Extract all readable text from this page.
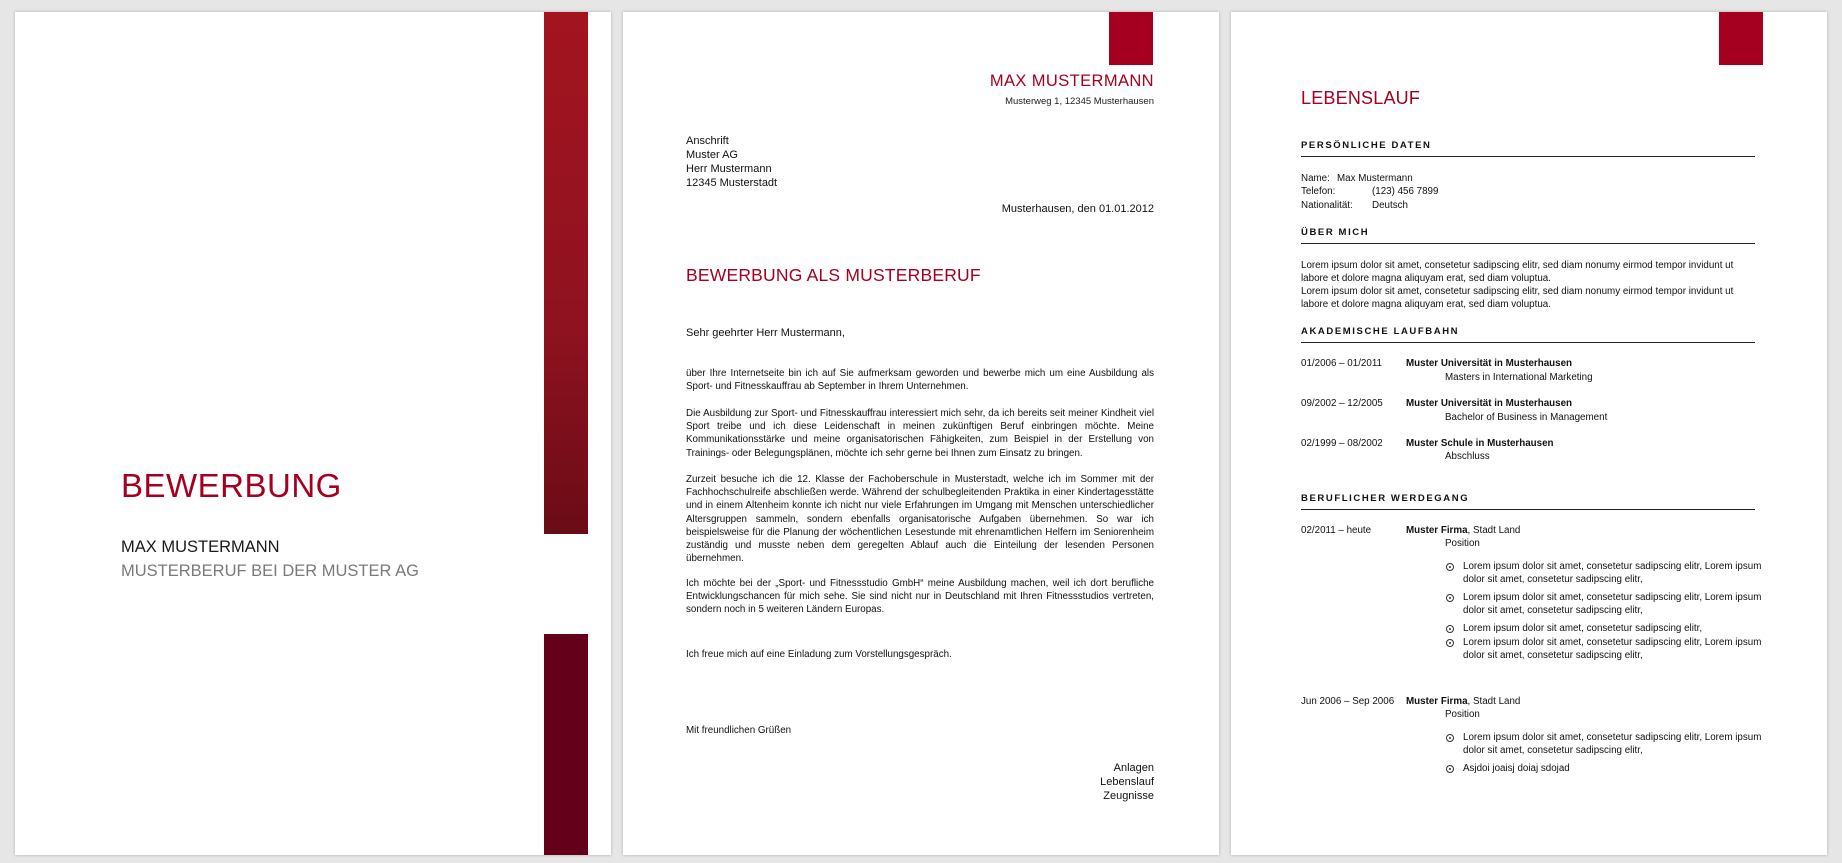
BEWERBUNG
MAX MUSTERMANN
MUSTERBERUF BEI DER MUSTER AG
MAX MUSTERMANN
Musterweg 1, 12345 Musterhausen
Anschrift
Muster AG
Herr Mustermann
12345 Musterstadt
Musterhausen, den 01.01.2012
BEWERBUNG ALS MUSTERBERUF
Sehr geehrter Herr Mustermann,

über Ihre Internetseite bin ich auf Sie aufmerksam geworden und bewerbe mich um eine Ausbildung als Sport- und Fitnesskauffrau ab September in Ihrem Unternehmen.

Die Ausbildung zur Sport- und Fitnesskauffrau interessiert mich sehr, da ich bereits seit meiner Kindheit viel Sport treibe und ich diese Leidenschaft in meinen zukünftigen Beruf einbringen möchte. Meine Kommunikationsstärke und meine organisatorischen Fähigkeiten, zum Beispiel in der Erstellung von Trainings- oder Belegungsplänen, möchte ich sehr gerne bei Ihnen zum Einsatz zu bringen.

Zurzeit besuche ich die 12. Klasse der Fachoberschule in Musterstadt, welche ich im Sommer mit der Fachhochschulreife abschließen werde. Während der schulbegleitenden Praktika in einer Kindertagesstätte und in einem Altenheim konnte ich nicht nur viele Erfahrungen im Umgang mit Menschen unterschiedlicher Altersgruppen sammeln, sondern ebenfalls organisatorische Aufgaben übernehmen. So war ich beispielsweise für die Planung der wöchentlichen Lesestunde mit ehrenamtlichen Helfern im Seniorenheim zuständig und musste neben dem geregelten Ablauf auch die Einteilung der lesenden Personen übernehmen.

Ich möchte bei der „Sport- und Fitnessstudio GmbH“ meine Ausbildung machen, weil ich dort berufliche Entwicklungschancen für mich sehe. Sie sind nicht nur in Deutschland mit Ihren Fitnessstudios vertreten, sondern noch in 5 weiteren Ländern Europas.

Ich freue mich auf eine Einladung zum Vorstellungsgespräch.

Mit freundlichen Grüßen

Anlagen
Lebenslauf
Zeugnisse
LEBENSLAUF
PERSÖNLICHE DATEN
Name: Max Mustermann
Telefon:	(123) 456 7899
Nationalität: Deutsch
ÜBER MICH

Lorem ipsum dolor sit amet, consetetur sadipscing elitr, sed diam nonumy eirmod tempor invidunt ut labore et dolore magna aliquyam erat, sed diam voluptua.

Lorem ipsum dolor sit amet, consetetur sadipscing elitr, sed diam nonumy eirmod tempor invidunt ut labore et dolore magna aliquyam erat, sed diam voluptua.

AKADEMISCHE LAUFBAHN
01/2006 – 01/2011 Muster Universität in Musterhausen
Masters in International Marketing
09/2002 – 12/2005 Muster Universität in Musterhausen
Bachelor of Business in Management
02/1999 – 08/2002 Muster Schule in Musterhausen
Abschluss
BERUFLICHER WERDEGANG
02/2011 – heute	Muster Firma, Stadt Land
Position

Lorem ipsum dolor sit amet, consetetur sadipscing elitr, Lorem ipsum dolor sit amet, consetetur sadipscing elitr,

Lorem ipsum dolor sit amet, consetetur sadipscing elitr, Lorem ipsum dolor sit amet, consetetur sadipscing elitr,

Lorem ipsum dolor sit amet, consetetur sadipscing elitr,

Lorem ipsum dolor sit amet, consetetur sadipscing elitr, Lorem ipsum dolor sit amet, consetetur sadipscing elitr,

Jun 2006 – Sep 2006 Muster Firma, Stadt Land
Position

Lorem ipsum dolor sit amet, consetetur sadipscing elitr, Lorem ipsum dolor sit amet, consetetur sadipscing elitr,

Asjdoi joaisj doiaj sdojad
